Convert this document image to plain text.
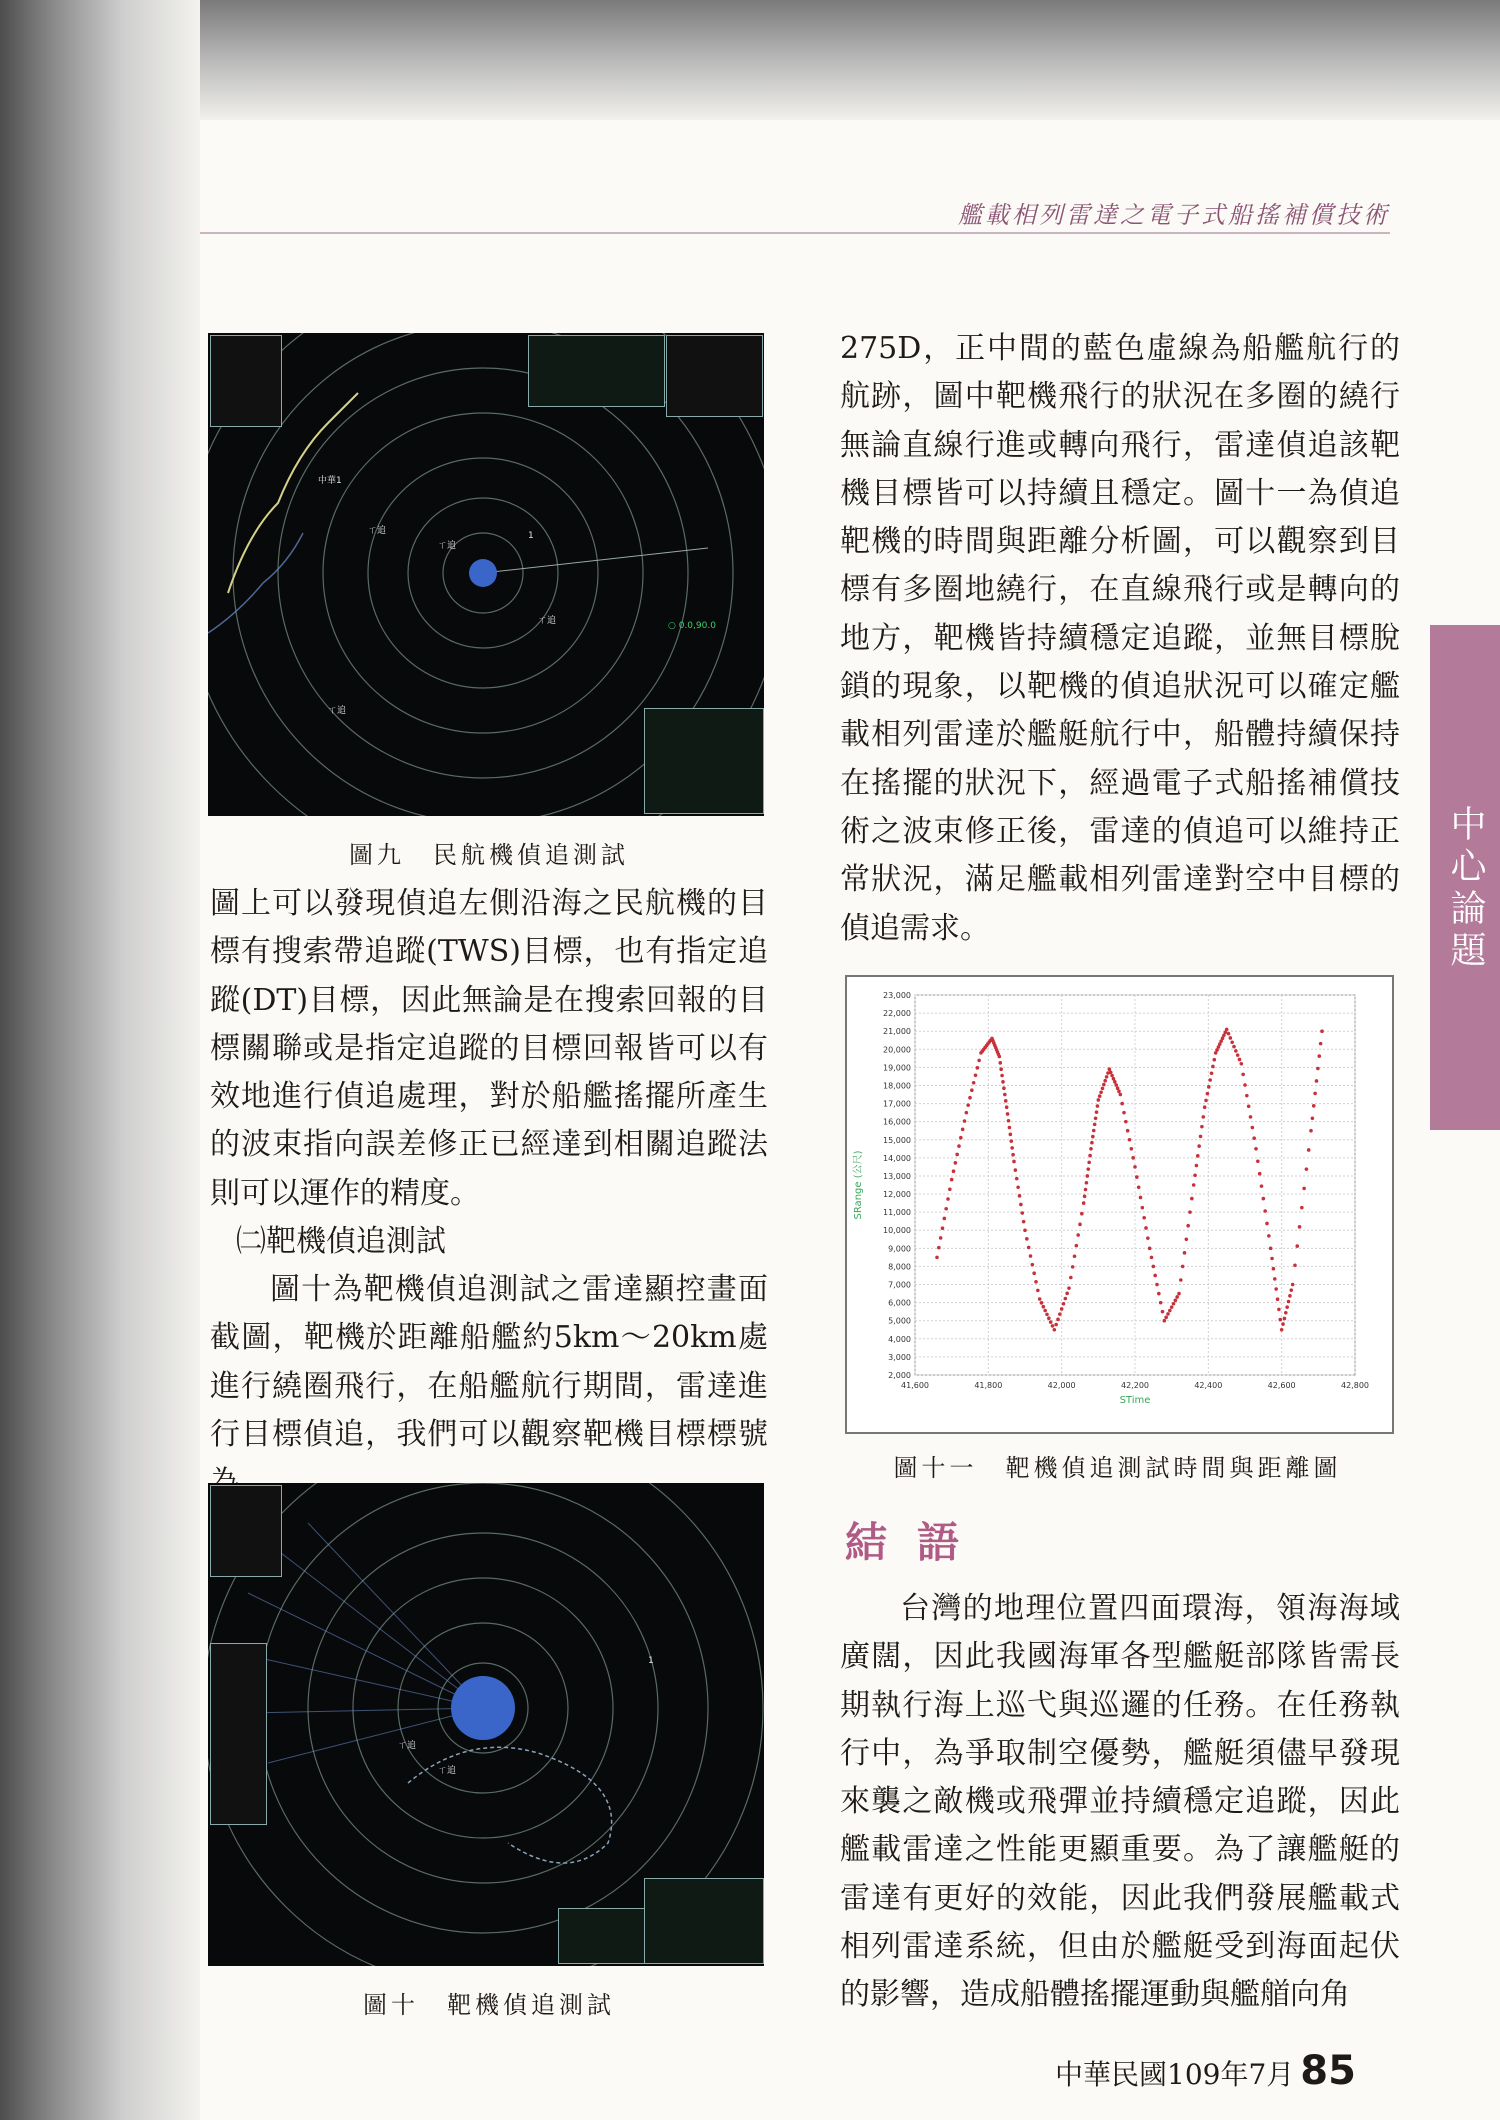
艦載相列雷達之電子式船搖補償技術
中心論題
中華1
ㄒ追
ㄒ追
ㄒ追
1
ㄒ追
○ 0.0,90.0
圖九　民航機偵追測試

圖上可以發現偵追左側沿海之民航機的目標有搜索帶追蹤(TWS)目標，也有指定追蹤(DT)目標，因此無論是在搜索回報的目標關聯或是指定追蹤的目標回報皆可以有效地進行偵追處理，對於船艦搖擺所產生的波束指向誤差修正已經達到相關追蹤法則可以運作的精度。

㈡靶機偵追測試

圖十為靶機偵追測試之雷達顯控畫面截圖，靶機於距離船艦約5km～20km處進行繞圈飛行，在船艦航行期間，雷達進行目標偵追，我們可以觀察靶機目標標號

ㄒ追
ㄒ追
1
圖十　靶機偵追測試

275D，正中間的藍色虛線為船艦航行的航跡，圖中靶機飛行的狀況在多圈的繞行無論直線行進或轉向飛行，雷達偵追該靶機目標皆可以持續且穩定。圖十一為偵追靶機的時間與距離分析圖，可以觀察到目標有多圈地繞行，在直線飛行或是轉向的地方，靶機皆持續穩定追蹤，並無目標脫鎖的現象，以靶機的偵追狀況可以確定艦載相列雷達於艦艇航行中，船體持續保持在搖擺的狀況下，經過電子式船搖補償技術之波束修正後，雷達的偵追可以維持正常狀況，滿足艦載相列雷達對空中目標的偵追需求。

2,000
3,000
4,000
5,000
6,000
7,000
8,000
9,000
10,000
11,000
12,000
13,000
14,000
15,000
16,000
17,000
18,000
19,000
20,000
21,000
22,000
23,000
41,600	41,800	42,000	42,200	42,400	42,600	42,800
STime
SRange (公尺)
圖十一　靶機偵追測試時間與距離圖
結語

台灣的地理位置四面環海，領海海域廣闊，因此我國海軍各型艦艇部隊皆需長期執行海上巡弋與巡邏的任務。在任務執行中，為爭取制空優勢，艦艇須儘早發現來襲之敵機或飛彈並持續穩定追蹤，因此艦載雷達之性能更顯重要。為了讓艦艇的雷達有更好的效能，因此我們發展艦載式相列雷達系統，但由於艦艇受到海面起伏的影響，造成船體搖擺運動與艦艏向角

中華民國109年7月 85
